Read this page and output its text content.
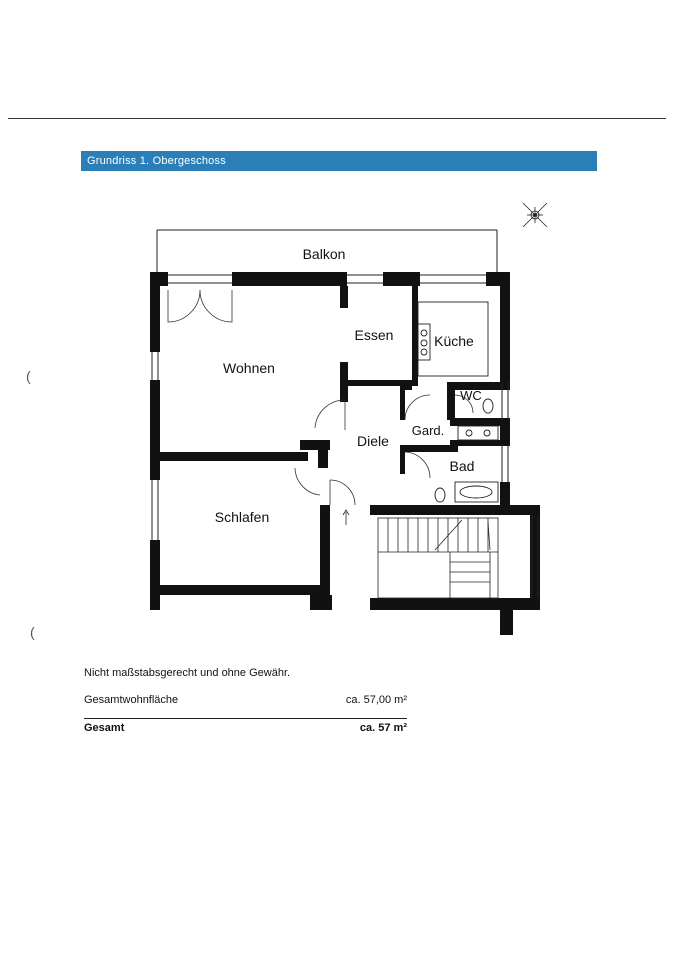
Grundriss 1. Obergeschoss
Balkon
Wohnen
Essen	Küche
WC
Gard.
Diele
Bad
Schlafen
(
(
Nicht maßstabsgerecht und ohne Gewähr.
Gesamtwohnfläche	ca. 57,00 m²
Gesamt	ca. 57 m²
